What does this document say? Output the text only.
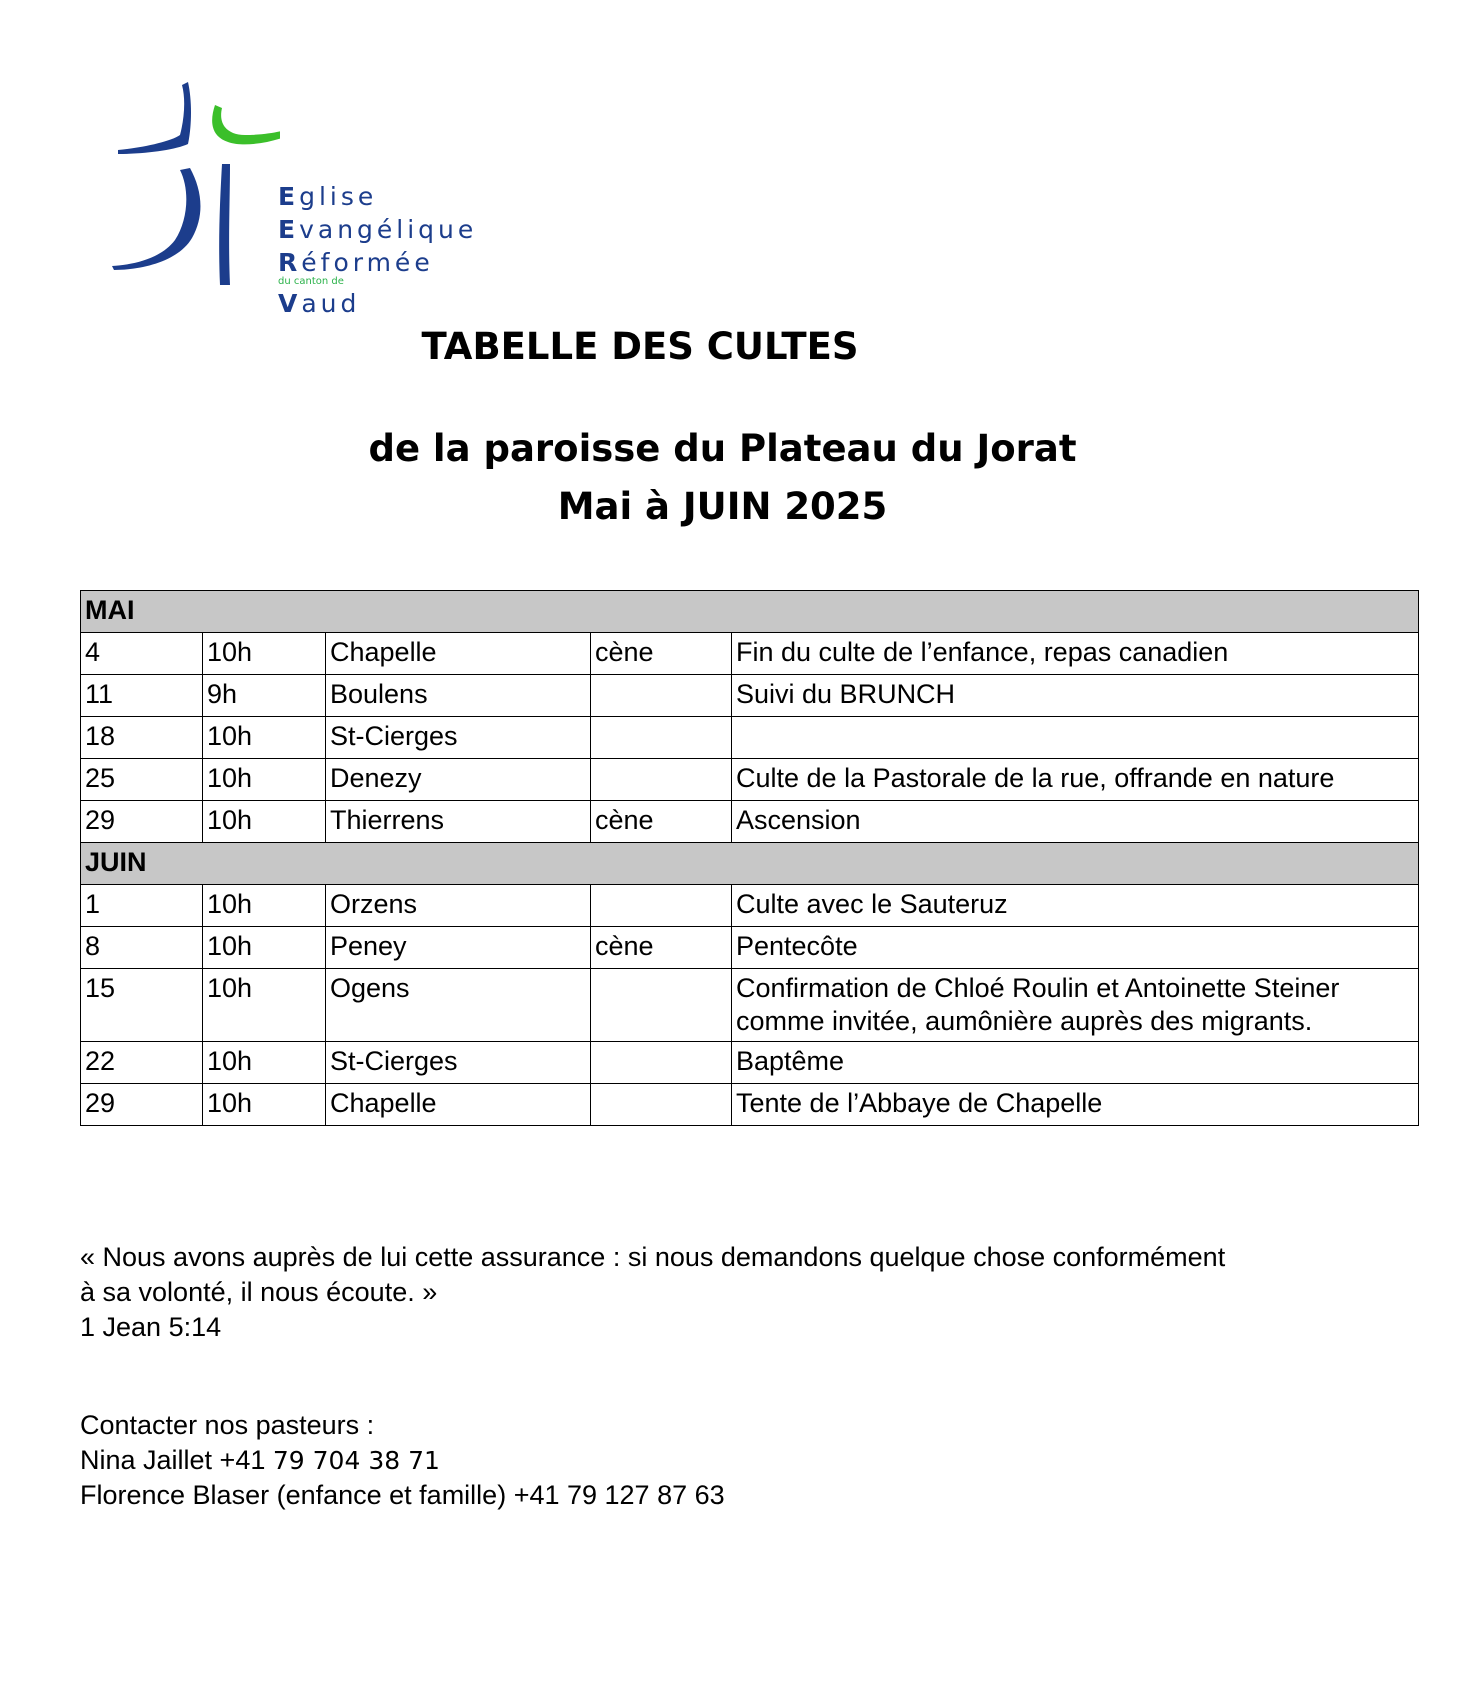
Eglise
Evangélique
Réformée
du canton de
Vaud
TABELLE DES CULTES
de la paroisse du Plateau du Jorat
Mai à JUIN 2025
MAI				
4	10h	Chapelle	cène	Fin du culte de l’enfance, repas canadien
11	9h	Boulens		Suivi du BRUNCH
18	10h	St-Cierges		
25	10h	Denezy		Culte de la Pastorale de la rue, offrande en nature
29	10h	Thierrens	cène	Ascension
JUIN				
1	10h	Orzens		Culte avec le Sauteruz
8	10h	Peney	cène	Pentecôte
15	10h	Ogens		Confirmation de Chloé Roulin et Antoinette Steiner comme invitée, aumônière auprès des migrants.
22	10h	St-Cierges		Baptême
29	10h	Chapelle		Tente de l’Abbaye de Chapelle
« Nous avons auprès de lui cette assurance : si nous demandons quelque chose conformément
à sa volonté, il nous écoute. »
1 Jean 5:14
Contacter nos pasteurs :
Nina Jaillet +41 79 704 38 71
Florence Blaser (enfance et famille) +41 79 127 87 63
